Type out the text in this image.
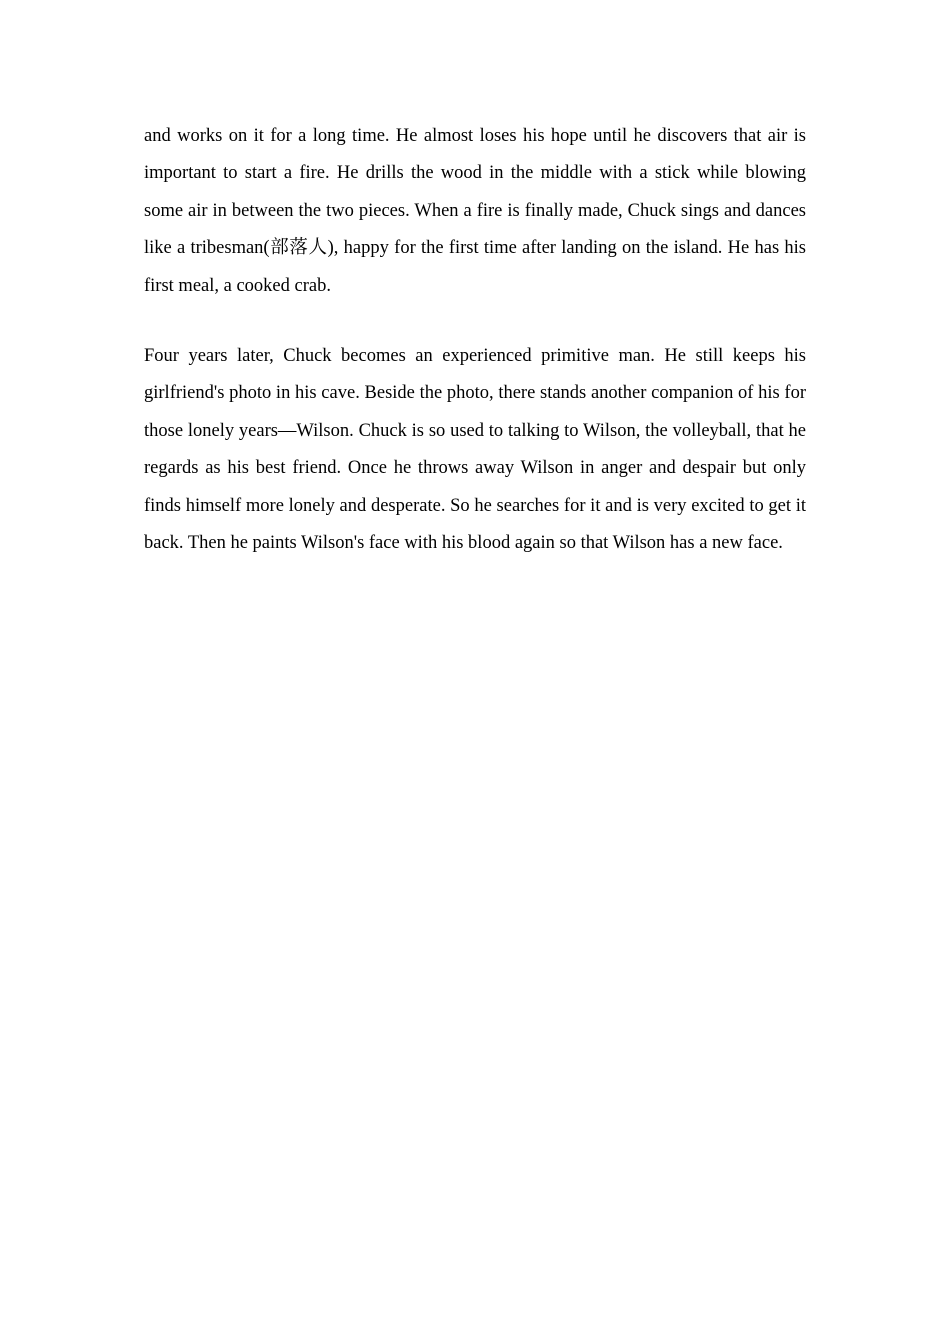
and works on it for a long time. He almost loses his hope until he discovers that air is important to start a fire. He drills the wood in the middle with a stick while blowing some air in between the two pieces. When a fire is finally made, Chuck sings and dances like a tribesman(部落人), happy for the first time after landing on the island. He has his first meal, a cooked crab.

Four years later, Chuck becomes an experienced primitive man. He still keeps his girlfriend's photo in his cave. Beside the photo, there stands another companion of his for those lonely years—Wilson. Chuck is so used to talking to Wilson, the volleyball, that he regards as his best friend. Once he throws away Wilson in anger and despair but only finds himself more lonely and desperate. So he searches for it and is very excited to get it back. Then he paints Wilson's face with his blood again so that Wilson has a new face.
